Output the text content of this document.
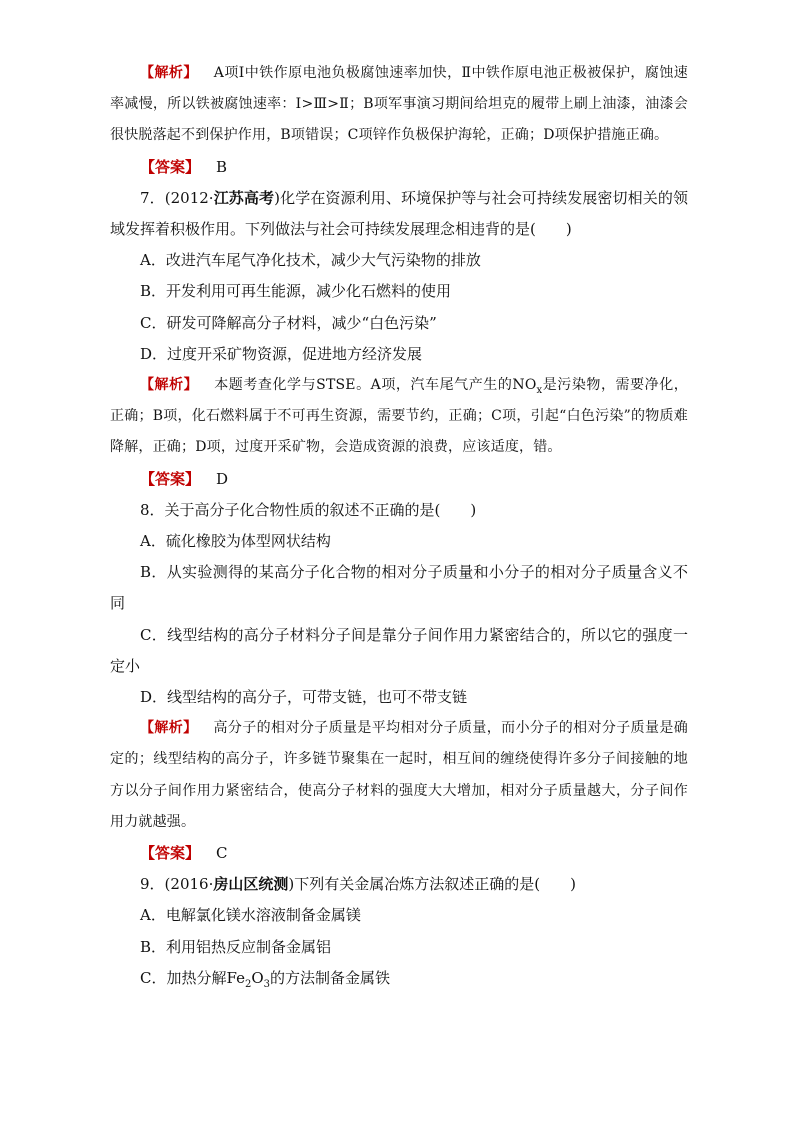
【解析】 A项Ⅰ中铁作原电池负极腐蚀速率加快，Ⅱ中铁作原电池正极被保护，腐蚀速率减慢，所以铁被腐蚀速率：Ⅰ>Ⅲ>Ⅱ；B项军事演习期间给坦克的履带上刷上油漆，油漆会很快脱落起不到保护作用，B项错误；C项锌作负极保护海轮，正确；D项保护措施正确。

【答案】 B

7．(2012·江苏高考)化学在资源利用、环境保护等与社会可持续发展密切相关的领域发挥着积极作用。下列做法与社会可持续发展理念相违背的是(　　)

A．改进汽车尾气净化技术，减少大气污染物的排放

B．开发利用可再生能源，减少化石燃料的使用

C．研发可降解高分子材料，减少“白色污染”

D．过度开采矿物资源，促进地方经济发展

【解析】 本题考查化学与STSE。A项，汽车尾气产生的$NO_x$是污染物，需要净化，正确；B项，化石燃料属于不可再生资源，需要节约，正确；C项，引起“白色污染”的物质难降解，正确；D项，过度开采矿物，会造成资源的浪费，应该适度，错。

【答案】 D

8．关于高分子化合物性质的叙述不正确的是(　　)

A．硫化橡胶为体型网状结构

B．从实验测得的某高分子化合物的相对分子质量和小分子的相对分子质量含义不同

C．线型结构的高分子材料分子间是靠分子间作用力紧密结合的，所以它的强度一定小

D．线型结构的高分子，可带支链，也可不带支链

【解析】 高分子的相对分子质量是平均相对分子质量，而小分子的相对分子质量是确定的；线型结构的高分子，许多链节聚集在一起时，相互间的缠绕使得许多分子间接触的地方以分子间作用力紧密结合，使高分子材料的强度大大增加，相对分子质量越大，分子间作用力就越强。

【答案】 C

9．(2016·房山区统测)下列有关金属冶炼方法叙述正确的是(　　)

A．电解氯化镁水溶液制备金属镁

B．利用铝热反应制备金属铝

C．加热分解$Fe_2O_3$的方法制备金属铁
